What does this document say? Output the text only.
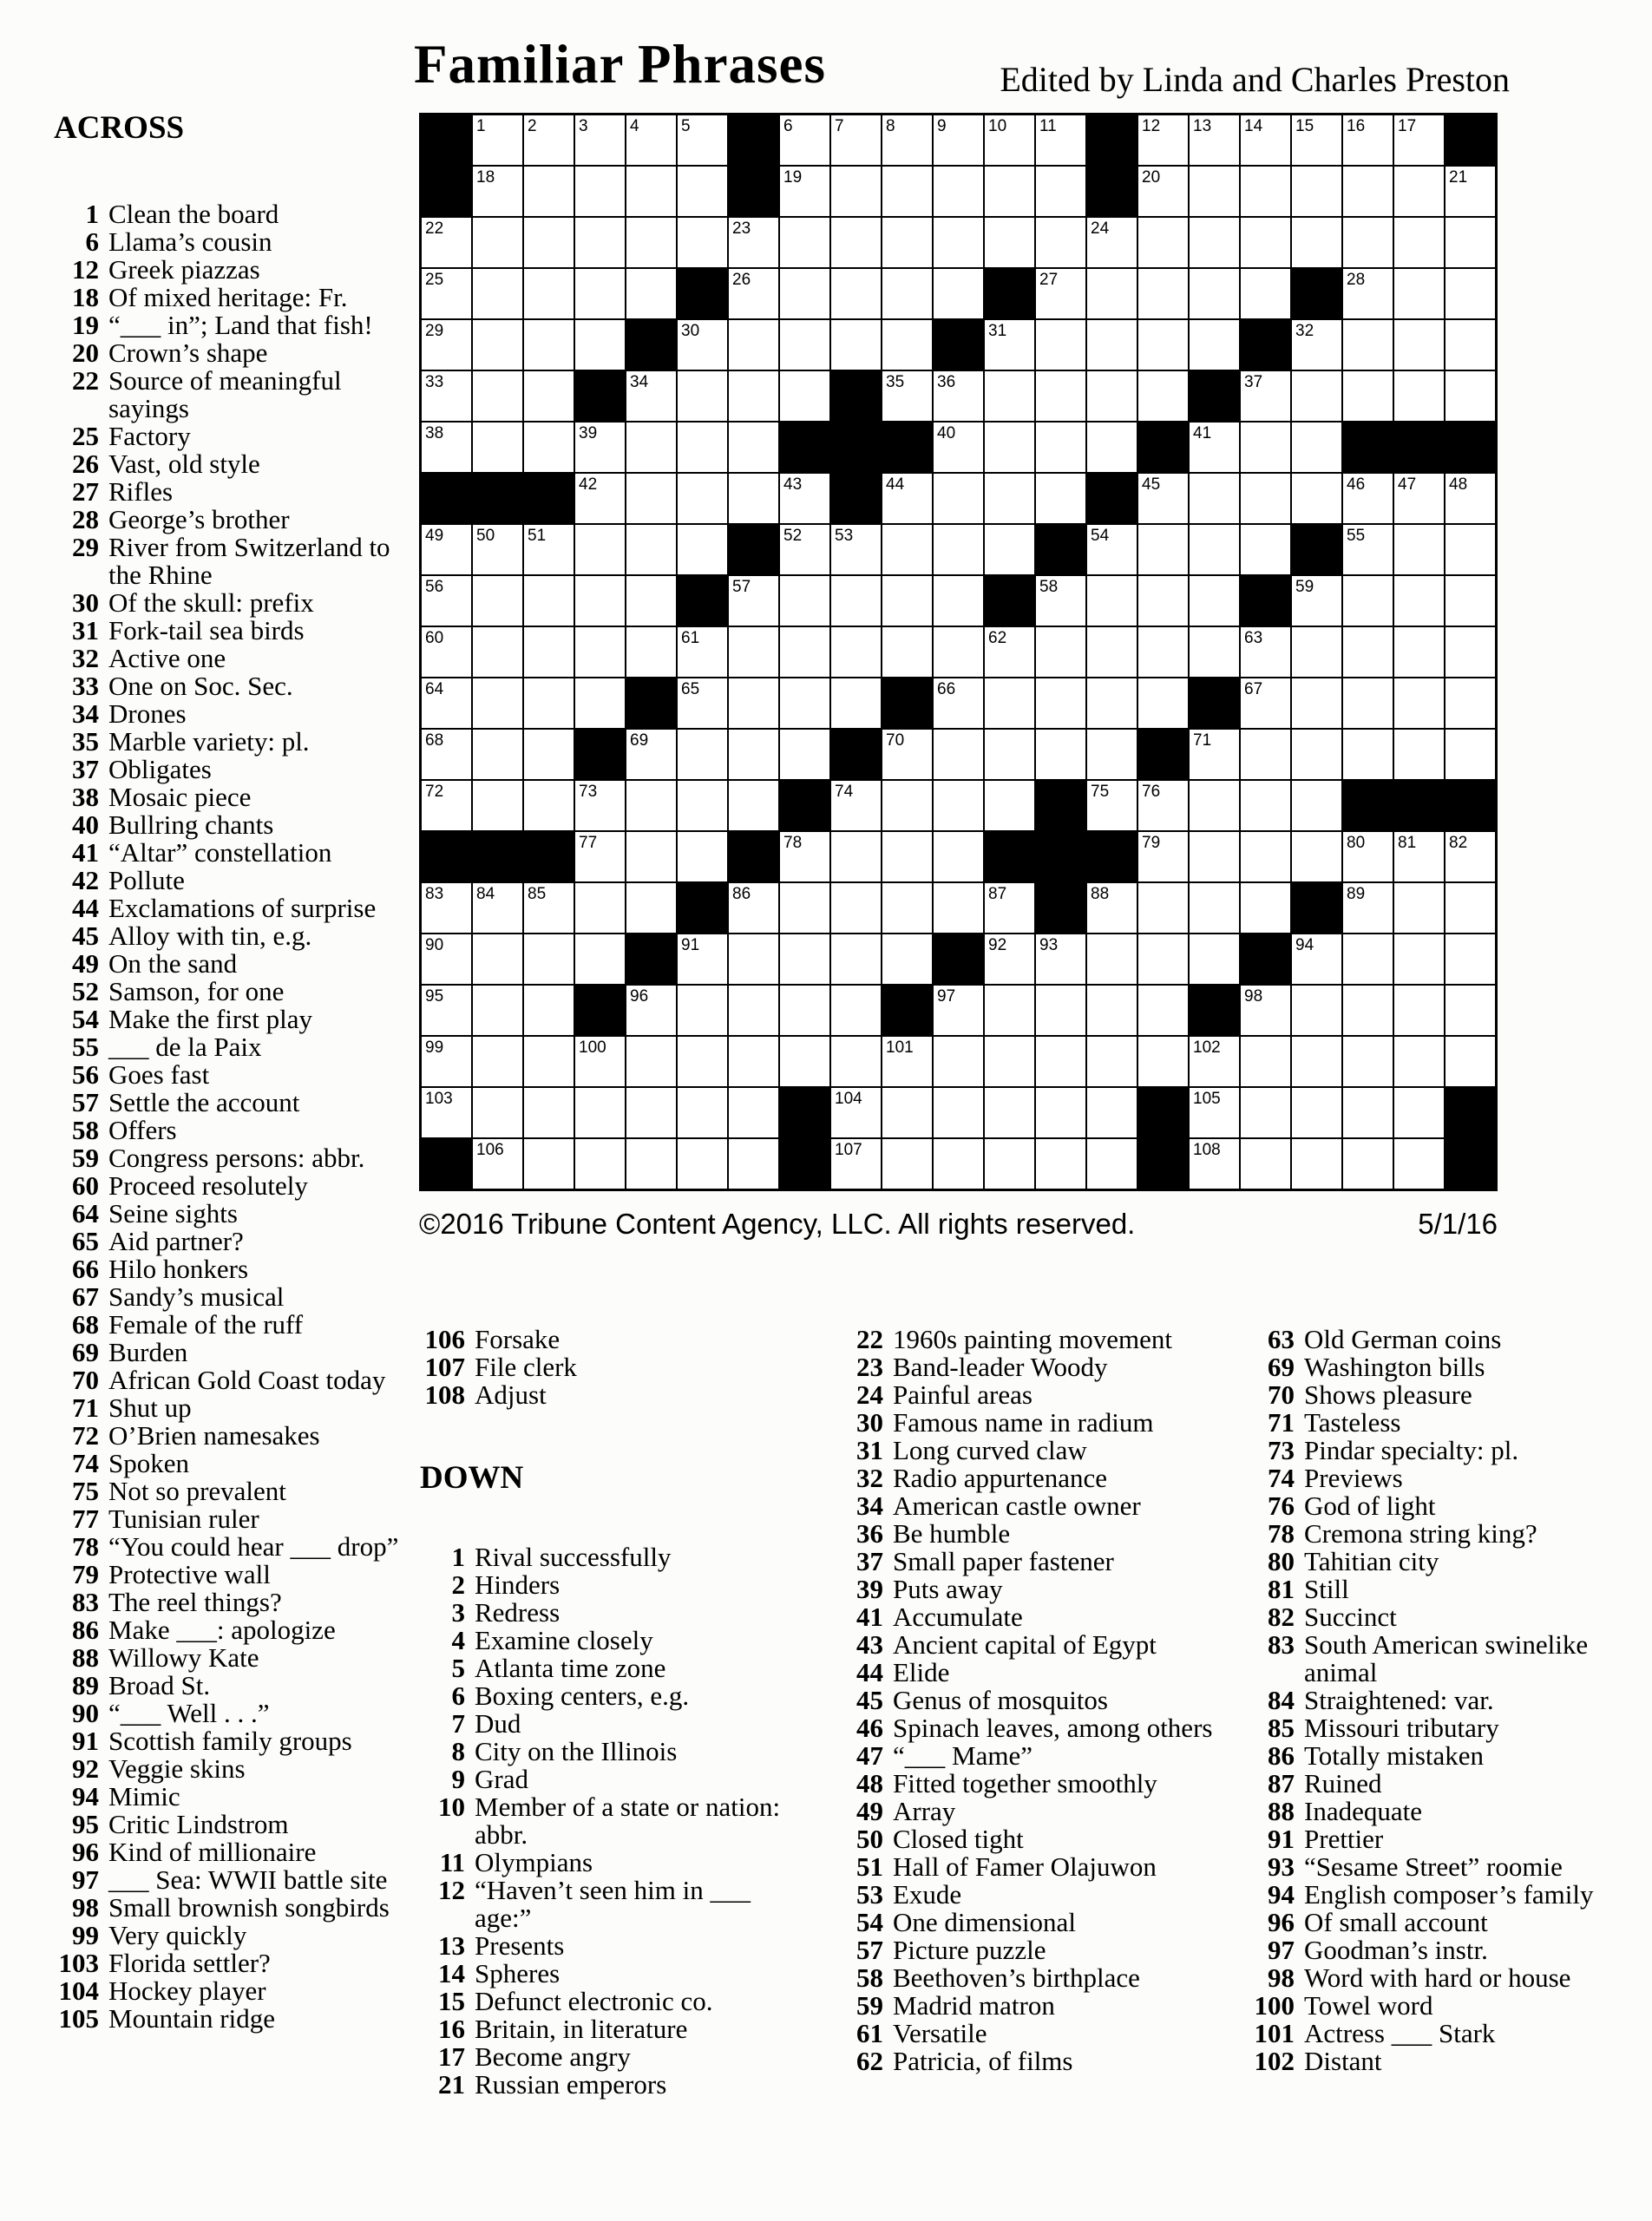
Familiar Phrases	Edited by Linda and Charles Preston
1	2	3	4	5	6	7	8	9	10 11	12 13 14 15 16 17
18	19	20	21
22	23	24
25	26	27	28
29	30	31	32
33	34	35 36	37
38	39	40	41
42	43	44	45	46 47 48
49 50 51	52 53	54	55
56	57	58	59
60	61	62	63
64	65	66	67
68	69	70	71
72	73	74	75 76
77	78	79	80 81 82
83 84 85	86	87	88	89
90	91	92 93	94
95	96	97	98
99	100	101	102
103	104	105
106	107	108
©2016 Tribune Content Agency, LLC. All rights reserved.	5/1/16
ACROSS
1 Clean the board
6 Llama’s cousin
12 Greek piazzas
18 Of mixed heritage: Fr.
19 “___ in”; Land that fish!
20 Crown’s shape
22 Source of meaningful sayings
25 Factory
26 Vast, old style
27 Rifles
28 George’s brother
29 River from Switzerland to the Rhine
30 Of the skull: prefix
31 Fork-tail sea birds
32 Active one
33 One on Soc. Sec.
34 Drones
35 Marble variety: pl.
37 Obligates
38 Mosaic piece
40 Bullring chants
41 “Altar” constellation
42 Pollute
44 Exclamations of surprise
45 Alloy with tin, e.g.
49 On the sand
52 Samson, for one
54 Make the first play
55 ___ de la Paix
56 Goes fast
57 Settle the account
58 Offers
59 Congress persons: abbr.
60 Proceed resolutely
64 Seine sights
65 Aid partner?
66 Hilo honkers
67 Sandy’s musical
68 Female of the ruff
69 Burden
70 African Gold Coast today
71 Shut up
72 O’Brien namesakes
74 Spoken
75 Not so prevalent
77 Tunisian ruler
78 “You could hear ___ drop”
79 Protective wall
83 The reel things?
86 Make ___: apologize
88 Willowy Kate
89 Broad St.
90 “___ Well . . .”
91 Scottish family groups
92 Veggie skins
94 Mimic
95 Critic Lindstrom
96 Kind of millionaire
97 ___ Sea: WWII battle site
98 Small brownish songbirds
99 Very quickly
103 Florida settler?
104 Hockey player
105 Mountain ridge
106 Forsake
107 File clerk
108 Adjust
DOWN
1 Rival successfully
2 Hinders
3 Redress
4 Examine closely
5 Atlanta time zone
6 Boxing centers, e.g.
7 Dud
8 City on the Illinois
9 Grad
10 Member of a state or nation: abbr.
11 Olympians
12 “Haven’t seen him in ___ age:”
13 Presents
14 Spheres
15 Defunct electronic co.
16 Britain, in literature
17 Become angry
21 Russian emperors
22 1960s painting movement
23 Band-leader Woody
24 Painful areas
30 Famous name in radium
31 Long curved claw
32 Radio appurtenance
34 American castle owner
36 Be humble
37 Small paper fastener
39 Puts away
41 Accumulate
43 Ancient capital of Egypt
44 Elide
45 Genus of mosquitos
46 Spinach leaves, among others
47 “___ Mame”
48 Fitted together smoothly
49 Array
50 Closed tight
51 Hall of Famer Olajuwon
53 Exude
54 One dimensional
57 Picture puzzle
58 Beethoven’s birthplace
59 Madrid matron
61 Versatile
62 Patricia, of films
63 Old German coins
69 Washington bills
70 Shows pleasure
71 Tasteless
73 Pindar specialty: pl.
74 Previews
76 God of light
78 Cremona string king?
80 Tahitian city
81 Still
82 Succinct
83 South American swinelike animal
84 Straightened: var.
85 Missouri tributary
86 Totally mistaken
87 Ruined
88 Inadequate
91 Prettier
93 “Sesame Street” roomie
94 English composer’s family
96 Of small account
97 Goodman’s instr.
98 Word with hard or house
100 Towel word
101 Actress ___ Stark
102 Distant
